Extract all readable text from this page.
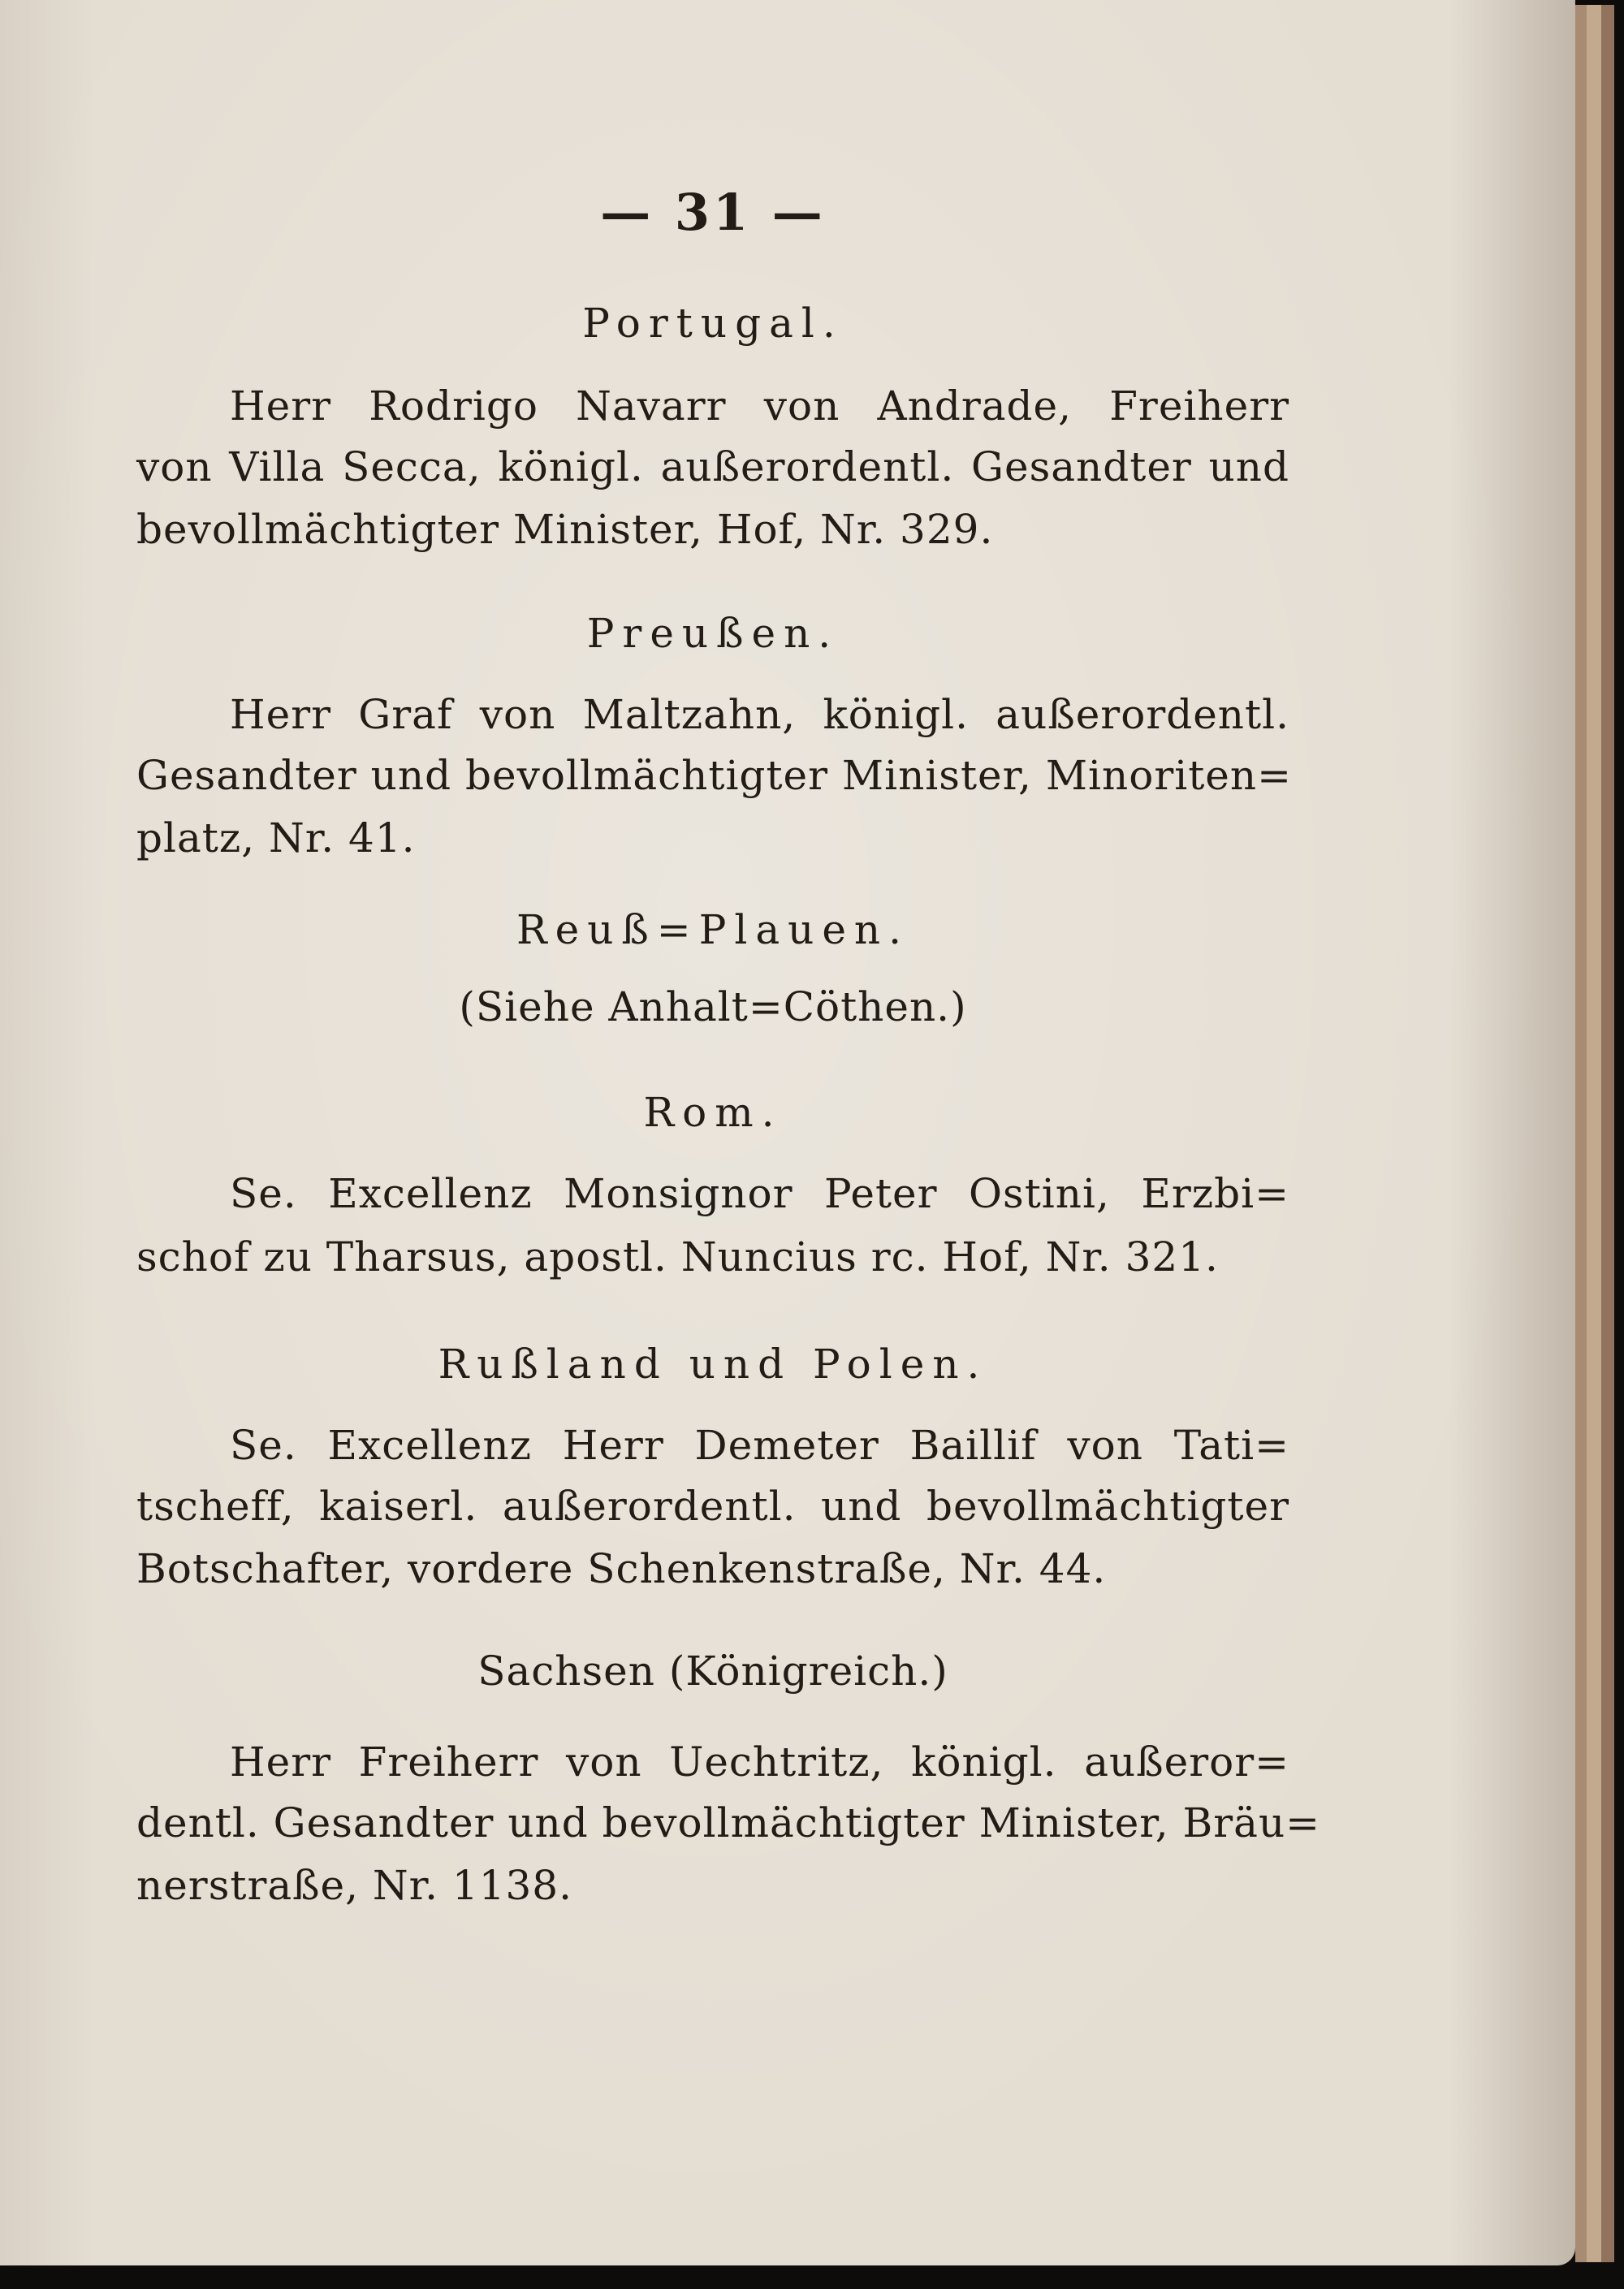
— 31 —
Portugal.
Herr Rodrigo Navarr von Andrade, Freiherr
von Villa Secca, königl. außerordentl. Gesandter und
bevollmächtigter Minister, Hof, Nr. 329.
Preußen.
Herr Graf von Maltzahn, königl. außerordentl.
Gesandter und bevollmächtigter Minister, Minoriten=
platz, Nr. 41.
Reuß=Plauen.
(Siehe Anhalt=Cöthen.)
Rom.
Se. Excellenz Monsignor Peter Ostini, Erzbi=
schof zu Tharsus, apostl. Nuncius rc. Hof, Nr. 321.
Rußland und Polen.
Se. Excellenz Herr Demeter Baillif von Tati=
tscheff, kaiserl. außerordentl. und bevollmächtigter
Botschafter, vordere Schenkenstraße, Nr. 44.
Sachsen (Königreich.)
Herr Freiherr von Uechtritz, königl. außeror=
dentl. Gesandter und bevollmächtigter Minister, Bräu=
nerstraße, Nr. 1138.
